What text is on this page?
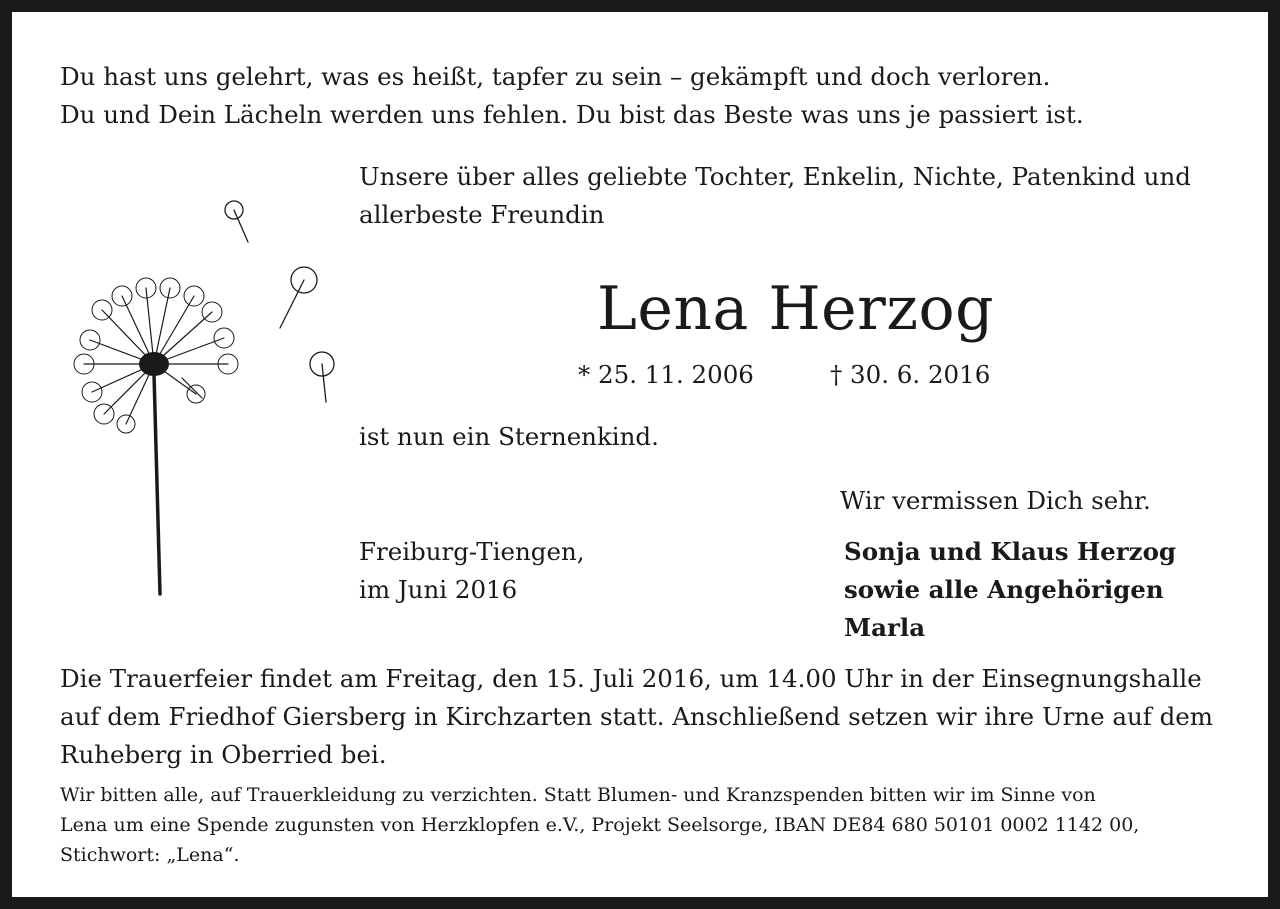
Du hast uns gelehrt, was es heißt, tapfer zu sein – gekämpft und doch verloren.
Du und Dein Lächeln werden uns fehlen. Du bist das Beste was uns je passiert ist.
Unsere über alles geliebte Tochter, Enkelin, Nichte, Patenkind und
allerbeste Freundin
Lena Herzog
* 25. 11. 2006	† 30. 6. 2016
ist nun ein Sternenkind.
Wir vermissen Dich sehr.
Freiburg-Tiengen,
im Juni 2016
Sonja und Klaus Herzog
sowie alle Angehörigen
Marla
Die Trauerfeier findet am Freitag, den 15. Juli 2016, um 14.00 Uhr in der Einsegnungshalle
auf dem Friedhof Giersberg in Kirchzarten statt. Anschließend setzen wir ihre Urne auf dem
Ruheberg in Oberried bei.
Wir bitten alle, auf Trauerkleidung zu verzichten. Statt Blumen- und Kranzspenden bitten wir im Sinne von
Lena um eine Spende zugunsten von Herzklopfen e.V., Projekt Seelsorge, IBAN DE84 680 50101 0002 1142 00,
Stichwort: „Lena“.
